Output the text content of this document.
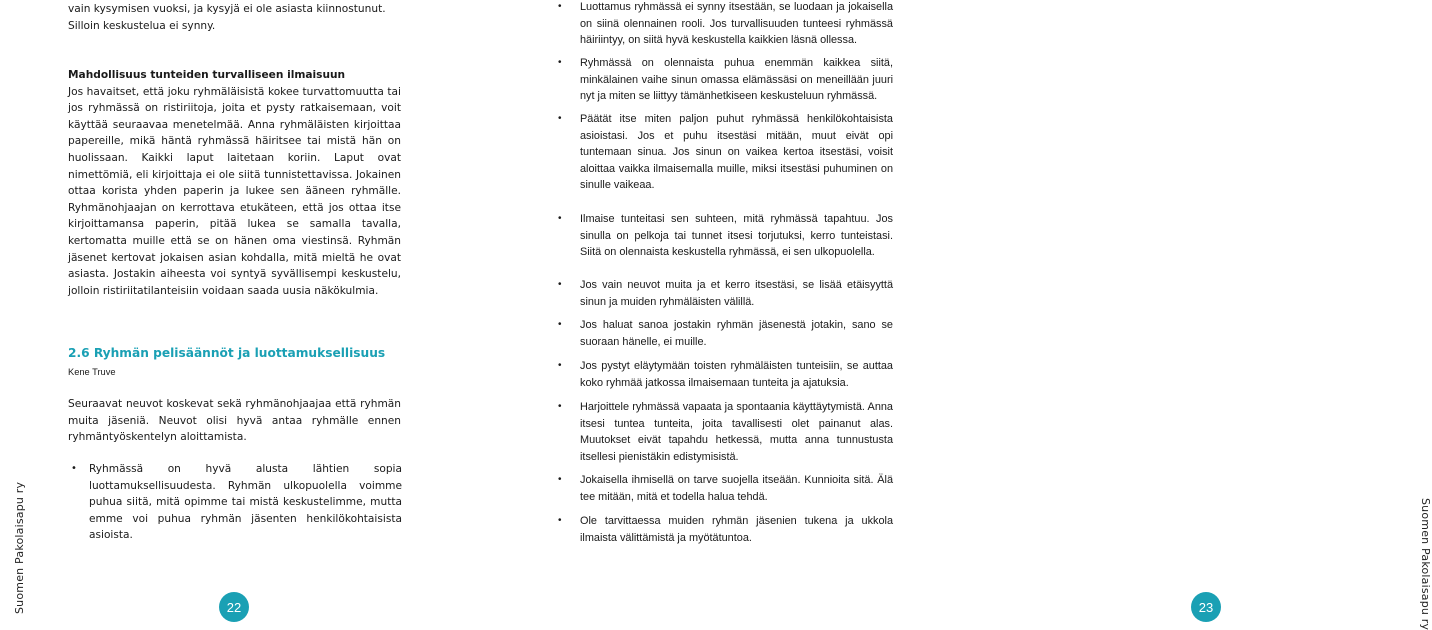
Suomen Pakolaisapu ry

vain kysymisen vuoksi, ja kysyjä ei ole asiasta kiinnostunut. Silloin keskustelua ei synny.

Mahdollisuus tunteiden turvalliseen ilmaisuun

Jos havaitset, että joku ryhmäläisistä kokee turvattomuutta tai jos ryhmässä on ristiriitoja, joita et pysty ratkaisemaan, voit käyttää seuraavaa menetelmää. Anna ryhmäläisten kirjoittaa papereille, mikä häntä ryhmässä häiritsee tai mistä hän on huolissaan. Kaikki laput laitetaan koriin. Laput ovat nimettömiä, eli kirjoittaja ei ole siitä tunnistettavissa. Jokainen ottaa korista yhden paperin ja lukee sen ääneen ryhmälle. Ryhmänohjaajan on kerrottava etukäteen, että jos ottaa itse kirjoittamansa paperin, pitää lukea se samalla tavalla, kertomatta muille että se on hänen oma viestinsä. Ryhmän jäsenet kertovat jokaisen asian kohdalla, mitä mieltä he ovat asiasta. Jostakin aiheesta voi syntyä syvällisempi keskustelu, jolloin ristiriitatilanteisiin voidaan saada uusia näkökulmia.

2.6 Ryhmän pelisäännöt ja luottamuksellisuus
Kene Truve

Seuraavat neuvot koskevat sekä ryhmänohjaajaa että ryhmän muita jäseniä. Neuvot olisi hyvä antaa ryhmälle ennen ryhmäntyöskentelyn aloittamista.

• Ryhmässä on hyvä alusta lähtien sopia luottamuksellisuudesta. Ryhmän ulkopuolella voimme puhua siitä, mitä opimme tai mistä keskustelimme, mutta emme voi puhua ryhmän jäsenten henkilökohtaisista asioista.
22	Suomen Pakolaisapu ry
23
• Luottamus ryhmässä ei synny itsestään, se luodaan ja jokaisella on siinä olennainen rooli. Jos turvallisuuden tunteesi ryhmässä häiriintyy, on siitä hyvä keskustella kaikkien läsnä ollessa.
• Ryhmässä on olennaista puhua enemmän kaikkea siitä, minkälainen vaihe sinun omassa elämässäsi on meneillään juuri nyt ja miten se liittyy tämänhetkiseen keskusteluun ryhmässä.
• Päätät itse miten paljon puhut ryhmässä henkilökohtaisista asioistasi. Jos et puhu itsestäsi mitään, muut eivät opi tuntemaan sinua. Jos sinun on vaikea kertoa itsestäsi, voisit aloittaa vaikka ilmaisemalla muille, miksi itsestäsi puhuminen on sinulle vaikeaa.
• Ilmaise tunteitasi sen suhteen, mitä ryhmässä tapahtuu. Jos sinulla on pelkoja tai tunnet itsesi torjutuksi, kerro tunteistasi. Siitä on olennaista keskustella ryhmässä, ei sen ulkopuolella.
• Jos vain neuvot muita ja et kerro itsestäsi, se lisää etäisyyttä sinun ja muiden ryhmäläisten välillä.
• Jos haluat sanoa jostakin ryhmän jäsenestä jotakin, sano se suoraan hänelle, ei muille.
• Jos pystyt eläytymään toisten ryhmäläisten tunteisiin, se auttaa koko ryhmää jatkossa ilmaisemaan tunteita ja ajatuksia.
• Harjoittele ryhmässä vapaata ja spontaania käyttäytymistä. Anna itsesi tuntea tunteita, joita tavallisesti olet painanut alas. Muutokset eivät tapahdu hetkessä, mutta anna tunnustusta itsellesi pienistäkin edistymisistä.
• Jokaisella ihmisellä on tarve suojella itseään. Kunnioita sitä. Älä tee mitään, mitä et todella halua tehdä.
• Ole tarvittaessa muiden ryhmän jäsenien tukena ja ukkola ilmaista välittämistä ja myötätuntoa.
